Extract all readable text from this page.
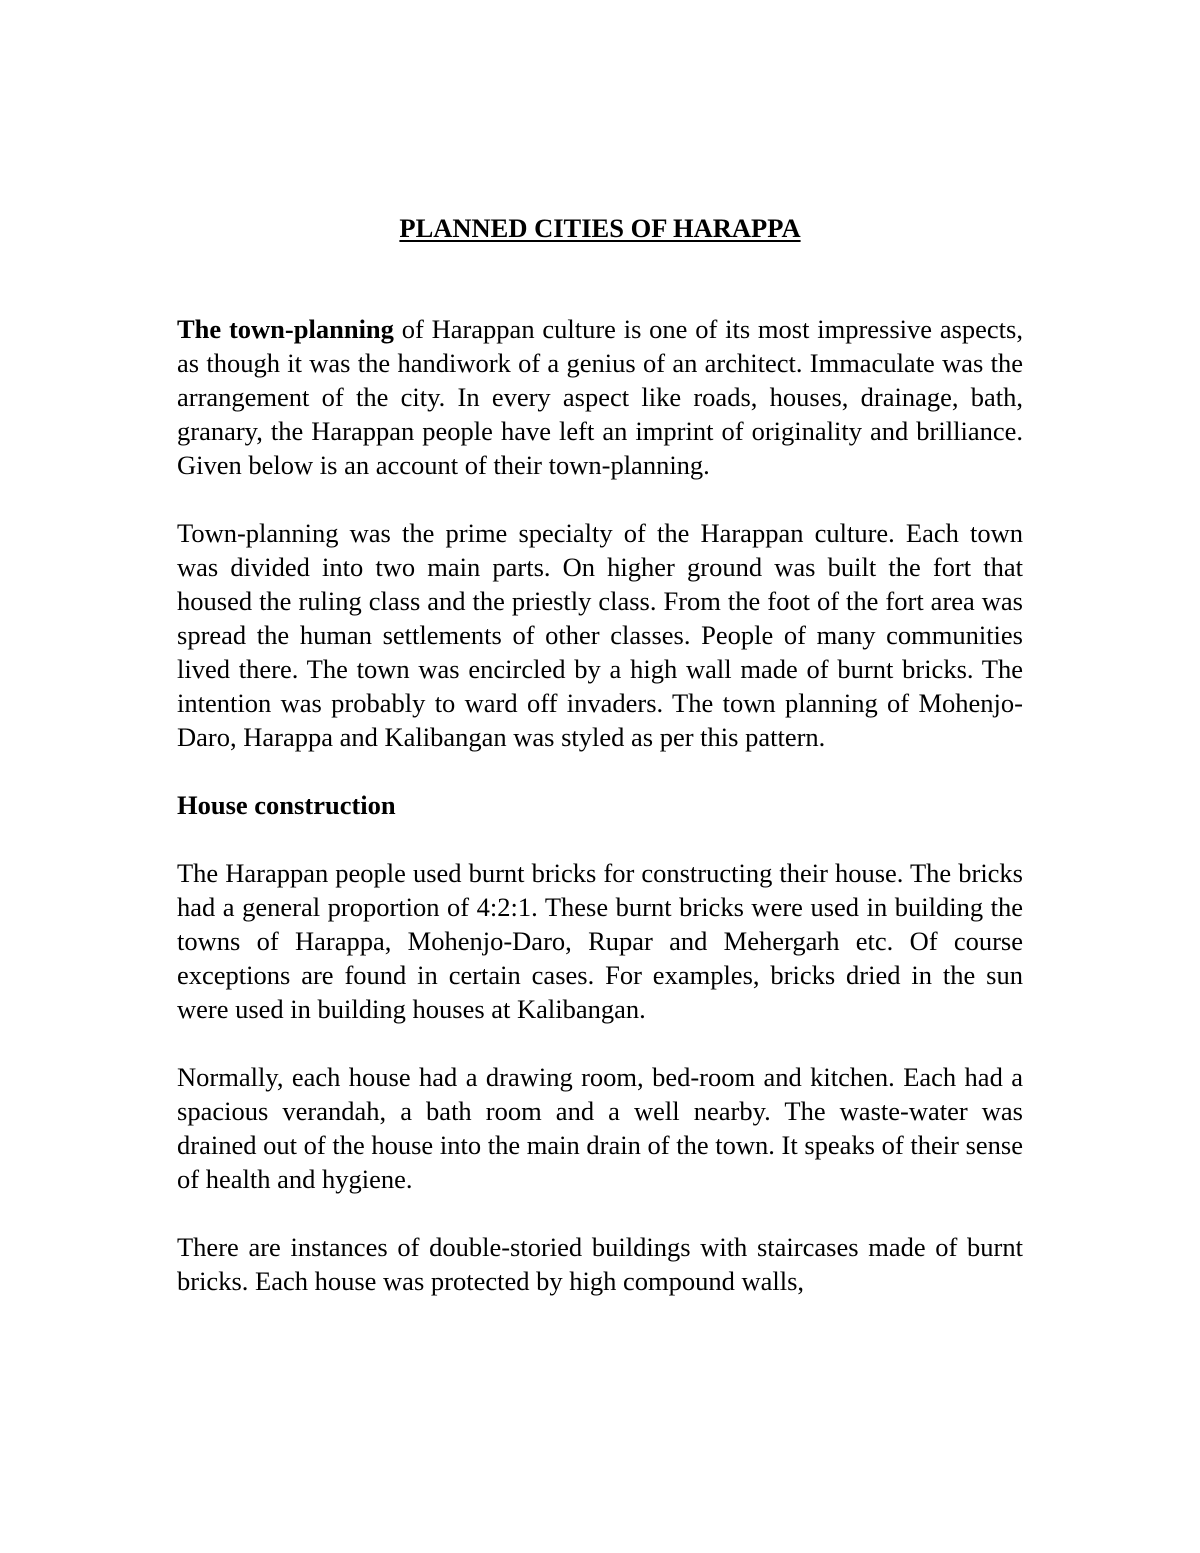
PLANNED CITIES OF HARAPPA

The town-planning of Harappan culture is one of its most impressive aspects, as though it was the handiwork of a genius of an architect. Immaculate was the arrangement of the city. In every aspect like roads, houses, drainage, bath, granary, the Harappan people have left an imprint of originality and brilliance. Given below is an account of their town-planning.

Town-planning was the prime specialty of the Harappan culture. Each town was divided into two main parts. On higher ground was built the fort that housed the ruling class and the priestly class. From the foot of the fort area was spread the human settlements of other classes. People of many communities lived there. The town was encircled by a high wall made of burnt bricks. The intention was probably to ward off invaders. The town planning of Mohenjo-Daro, Harappa and Kalibangan was styled as per this pattern.

House construction

The Harappan people used burnt bricks for constructing their house. The bricks had a general proportion of 4:2:1. These burnt bricks were used in building the towns of Harappa, Mohenjo-Daro, Rupar and Mehergarh etc. Of course exceptions are found in certain cases. For examples, bricks dried in the sun were used in building houses at Kalibangan.

Normally, each house had a drawing room, bed-room and kitchen. Each had a spacious verandah, a bath room and a well nearby. The waste-water was drained out of the house into the main drain of the town. It speaks of their sense of health and hygiene.

There are instances of double-storied buildings with staircases made of burnt bricks. Each house was protected by high compound walls,
